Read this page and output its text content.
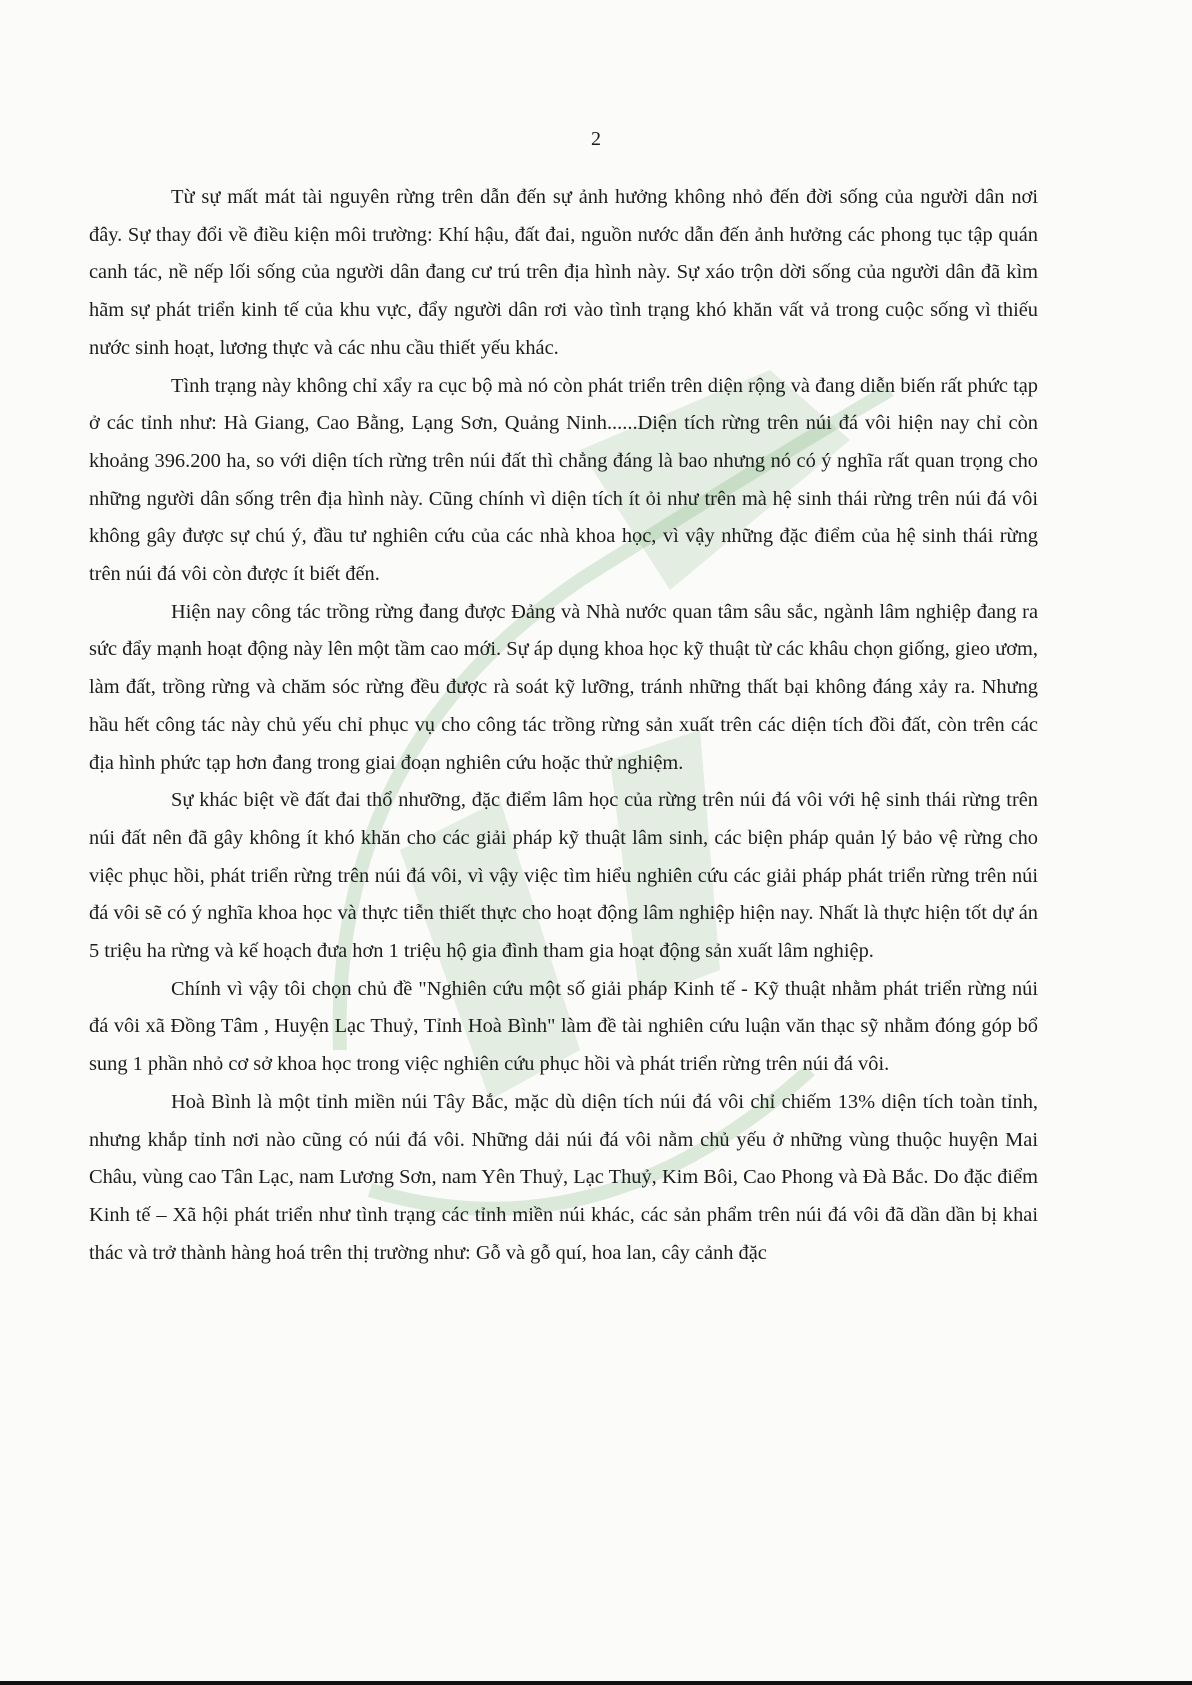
2

Từ sự mất mát tài nguyên rừng trên dẫn đến sự ảnh hưởng không nhỏ đến đời sống của người dân nơi đây. Sự thay đổi về điều kiện môi trường: Khí hậu, đất đai, nguồn nước dẫn đến ảnh hưởng các phong tục tập quán canh tác, nề nếp lối sống của người dân đang cư trú trên địa hình này. Sự xáo trộn dời sống của người dân đã kìm hãm sự phát triển kinh tế của khu vực, đẩy người dân rơi vào tình trạng khó khăn vất vả trong cuộc sống vì thiếu nước sinh hoạt, lương thực và các nhu cầu thiết yếu khác.

Tình trạng này không chỉ xẩy ra cục bộ mà nó còn phát triển trên diện rộng và đang diễn biến rất phức tạp ở các tỉnh như: Hà Giang, Cao Bằng, Lạng Sơn, Quảng Ninh......Diện tích rừng trên núi đá vôi hiện nay chỉ còn khoảng 396.200 ha, so với diện tích rừng trên núi đất thì chẳng đáng là bao nhưng nó có ý nghĩa rất quan trọng cho những người dân sống trên địa hình này. Cũng chính vì diện tích ít ỏi như trên mà hệ sinh thái rừng trên núi đá vôi không gây được sự chú ý, đầu tư nghiên cứu của các nhà khoa học, vì vậy những đặc điểm của hệ sinh thái rừng trên núi đá vôi còn được ít biết đến.

Hiện nay công tác trồng rừng đang được Đảng và Nhà nước quan tâm sâu sắc, ngành lâm nghiệp đang ra sức đẩy mạnh hoạt động này lên một tầm cao mới. Sự áp dụng khoa học kỹ thuật từ các khâu chọn giống, gieo ươm, làm đất, trồng rừng và chăm sóc rừng đều được rà soát kỹ lưỡng, tránh những thất bại không đáng xảy ra. Nhưng hầu hết công tác này chủ yếu chỉ phục vụ cho công tác trồng rừng sản xuất trên các diện tích đồi đất, còn trên các địa hình phức tạp hơn đang trong giai đoạn nghiên cứu hoặc thử nghiệm.

Sự khác biệt về đất đai thổ nhưỡng, đặc điểm lâm học của rừng trên núi đá vôi với hệ sinh thái rừng trên núi đất nên đã gây không ít khó khăn cho các giải pháp kỹ thuật lâm sinh, các biện pháp quản lý bảo vệ rừng cho việc phục hồi, phát triển rừng trên núi đá vôi, vì vậy việc tìm hiểu nghiên cứu các giải pháp phát triển rừng trên núi đá vôi sẽ có ý nghĩa khoa học và thực tiễn thiết thực cho hoạt động lâm nghiệp hiện nay. Nhất là thực hiện tốt dự án 5 triệu ha rừng và kế hoạch đưa hơn 1 triệu hộ gia đình tham gia hoạt động sản xuất lâm nghiệp.

Chính vì vậy tôi chọn chủ đề "Nghiên cứu một số giải pháp Kinh tế - Kỹ thuật nhằm phát triển rừng núi đá vôi xã Đồng Tâm , Huyện Lạc Thuỷ, Tỉnh Hoà Bình" làm đề tài nghiên cứu luận văn thạc sỹ nhằm đóng góp bổ sung 1 phần nhỏ cơ sở khoa học trong việc nghiên cứu phục hồi và phát triển rừng trên núi đá vôi.

Hoà Bình là một tỉnh miền núi Tây Bắc, mặc dù diện tích núi đá vôi chỉ chiếm 13% diện tích toàn tỉnh, nhưng khắp tỉnh nơi nào cũng có núi đá vôi. Những dải núi đá vôi nằm chủ yếu ở những vùng thuộc huyện Mai Châu, vùng cao Tân Lạc, nam Lương Sơn, nam Yên Thuỷ, Lạc Thuỷ, Kim Bôi, Cao Phong và Đà Bắc. Do đặc điểm Kinh tế – Xã hội phát triển như tình trạng các tỉnh miền núi khác, các sản phẩm trên núi đá vôi đã dần dần bị khai thác và trở thành hàng hoá trên thị trường như: Gỗ và gỗ quí, hoa lan, cây cảnh đặc
